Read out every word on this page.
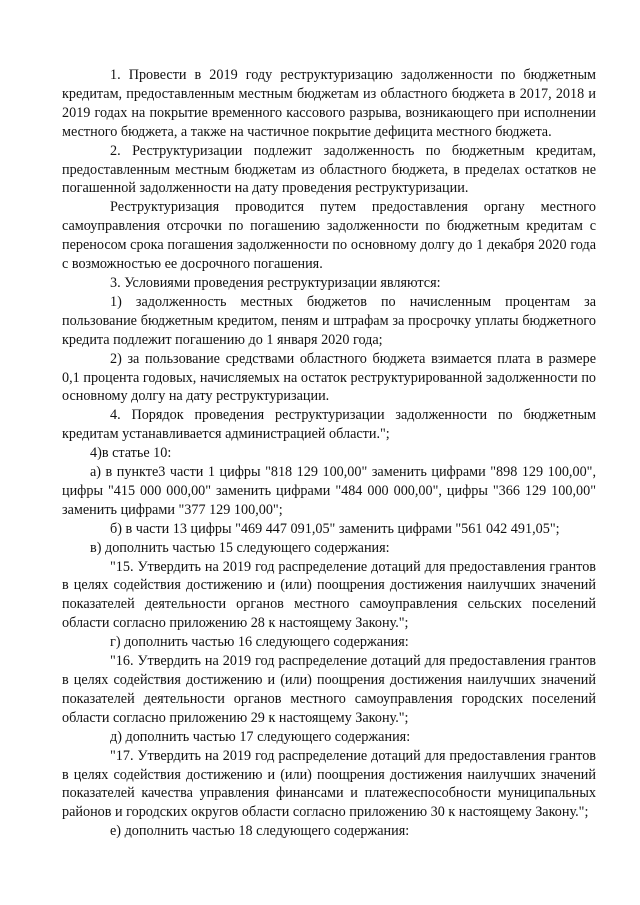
1. Провести в 2019 году реструктуризацию задолженности по бюджетным кредитам, предоставленным местным бюджетам из областного бюджета в 2017, 2018 и 2019 годах на покрытие временного кассового разрыва, возникающего при исполнении местного бюджета, а также на частичное покрытие дефицита местного бюджета.

2. Реструктуризации подлежит задолженность по бюджетным кредитам, предоставленным местным бюджетам из областного бюджета, в пределах остатков не погашенной задолженности на дату проведения реструктуризации.

Реструктуризация проводится путем предоставления органу местного самоуправления отсрочки по погашению задолженности по бюджетным кредитам с переносом срока погашения задолженности по основному долгу до 1 декабря 2020 года с возможностью ее досрочного погашения.

3. Условиями проведения реструктуризации являются:

1) задолженность местных бюджетов по начисленным процентам за пользование бюджетным кредитом, пеням и штрафам за просрочку уплаты бюджетного кредита подлежит погашению до 1 января 2020 года;

2) за пользование средствами областного бюджета взимается плата в размере 0,1 процента годовых, начисляемых на остаток реструктурированной задолженности по основному долгу на дату реструктуризации.

4. Порядок проведения реструктуризации задолженности по бюджетным кредитам устанавливается администрацией области.";

4)в статье 10:

а) в пункте3 части 1 цифры "818 129 100,00" заменить цифрами "898 129 100,00", цифры "415 000 000,00" заменить цифрами "484 000 000,00", цифры "366 129 100,00" заменить цифрами "377 129 100,00";

б) в части 13 цифры "469 447 091,05" заменить цифрами "561 042 491,05";

в) дополнить частью 15 следующего содержания:

"15. Утвердить на 2019 год распределение дотаций для предоставления грантов в целях содействия достижению и (или) поощрения достижения наилучших значений показателей деятельности органов местного самоуправления сельских поселений области согласно приложению 28 к настоящему Закону.";

г) дополнить частью 16 следующего содержания:

"16. Утвердить на 2019 год распределение дотаций для предоставления грантов в целях содействия достижению и (или) поощрения достижения наилучших значений показателей деятельности органов местного самоуправления городских поселений области согласно приложению 29 к настоящему Закону.";

д) дополнить частью 17 следующего содержания:

"17. Утвердить на 2019 год распределение дотаций для предоставления грантов в целях содействия достижению и (или) поощрения достижения наилучших значений показателей качества управления финансами и платежеспособности муниципальных районов и городских округов области согласно приложению 30 к настоящему Закону.";

е) дополнить частью 18 следующего содержания:
